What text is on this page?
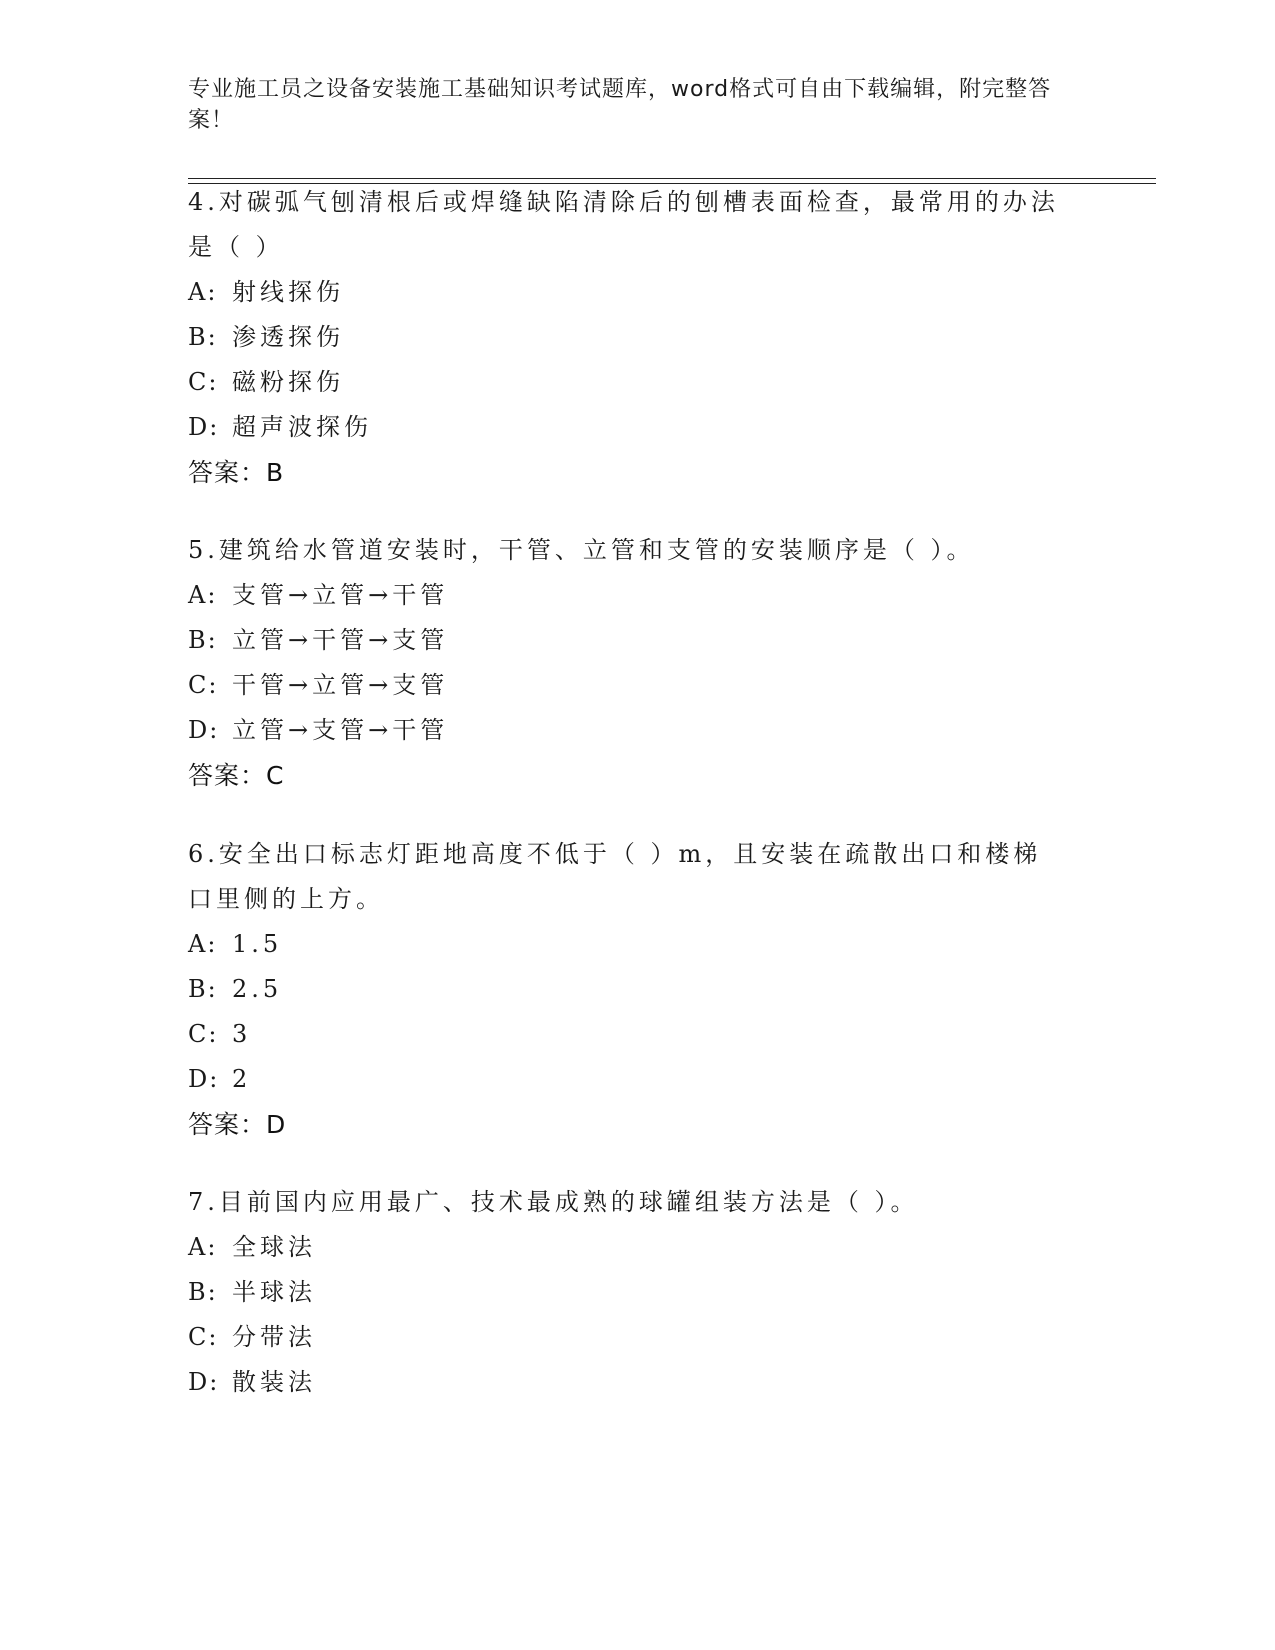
专业施工员之设备安装施工基础知识考试题库，word格式可自由下载编辑，附完整答案！

4.对碳弧气刨清根后或焊缝缺陷清除后的刨槽表面检查，最常用的办法是（ ）

A: 射线探伤

B: 渗透探伤

C: 磁粉探伤

D: 超声波探伤

答案：B

5.建筑给水管道安装时，干管、立管和支管的安装顺序是（ ）。

A: 支管→立管→干管

B: 立管→干管→支管

C: 干管→立管→支管

D: 立管→支管→干管

答案：C

6.安全出口标志灯距地高度不低于（ ）m，且安装在疏散出口和楼梯口里侧的上方。

A: 1.5

B: 2.5

C: 3

D: 2

答案：D

7.目前国内应用最广、技术最成熟的球罐组装方法是（ ）。

A: 全球法

B: 半球法

C: 分带法

D: 散装法
